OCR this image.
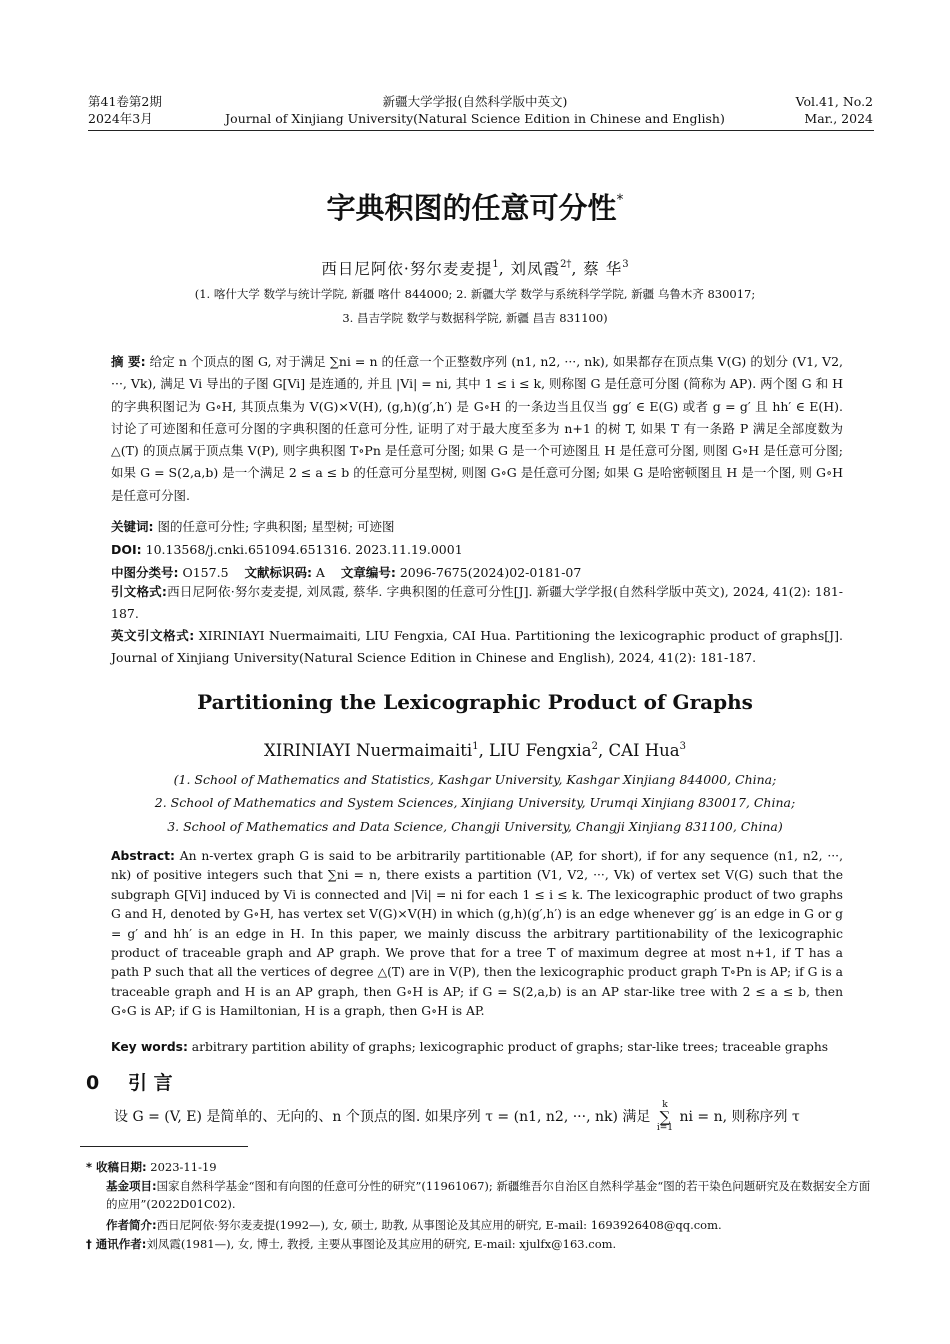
第41卷第2期
2024年3月
新疆大学学报(自然科学版中英文)
Journal of Xinjiang University(Natural Science Edition in Chinese and English)
Vol.41, No.2
Mar., 2024
字典积图的任意可分性*
西日尼阿依·努尔麦麦提$^1$, 刘凤霞$^{2\dagger}$, 蔡 华$^3$
(1. 喀什大学 数学与统计学院, 新疆 喀什 844000; 2. 新疆大学 数学与系统科学学院, 新疆 乌鲁木齐 830017;
3. 昌吉学院 数学与数据科学院, 新疆 昌吉 831100)
摘 要: 给定 n 个顶点的图 G, 对于满足 ∑ni = n 的任意一个正整数序列 (n1, n2, ···, nk), 如果都存在顶点集 V(G) 的划分 (V1, V2, ···, Vk), 满足 Vi 导出的子图 G[Vi] 是连通的, 并且 |Vi| = ni, 其中 1 ≤ i ≤ k, 则称图 G 是任意可分图 (简称为 AP). 两个图 G 和 H 的字典积图记为 G∘H, 其顶点集为 V(G)×V(H), (g,h)(g′,h′) 是 G∘H 的一条边当且仅当 gg′ ∈ E(G) 或者 g = g′ 且 hh′ ∈ E(H). 讨论了可迹图和任意可分图的字典积图的任意可分性, 证明了对于最大度至多为 n+1 的树 T, 如果 T 有一条路 P 满足全部度数为 △(T) 的顶点属于顶点集 V(P), 则字典积图 T∘Pn 是任意可分图; 如果 G 是一个可迹图且 H 是任意可分图, 则图 G∘H 是任意可分图; 如果 G = S(2,a,b) 是一个满足 2 ≤ a ≤ b 的任意可分星型树, 则图 G∘G 是任意可分图; 如果 G 是哈密顿图且 H 是一个图, 则 G∘H 是任意可分图.
关键词: 图的任意可分性; 字典积图; 星型树; 可迹图
DOI: 10.13568/j.cnki.651094.651316. 2023.11.19.0001
中图分类号: O157.5 文献标识码: A 文章编号: 2096-7675(2024)02-0181-07
引文格式:西日尼阿依·努尔麦麦提, 刘凤霞, 蔡华. 字典积图的任意可分性[J]. 新疆大学学报(自然科学版中英文), 2024, 41(2): 181-187.
英文引文格式: XIRINIAYI Nuermaimaiti, LIU Fengxia, CAI Hua. Partitioning the lexicographic product of graphs[J]. Journal of Xinjiang University(Natural Science Edition in Chinese and English), 2024, 41(2): 181-187.
Partitioning the Lexicographic Product of Graphs
XIRINIAYI Nuermaimaiti$^1$, LIU Fengxia$^2$, CAI Hua$^3$
(1. School of Mathematics and Statistics, Kashgar University, Kashgar Xinjiang 844000, China;
2. School of Mathematics and System Sciences, Xinjiang University, Urumqi Xinjiang 830017, China;
3. School of Mathematics and Data Science, Changji University, Changji Xinjiang 831100, China)
Abstract: An n-vertex graph G is said to be arbitrarily partitionable (AP, for short), if for any sequence (n1, n2, ···, nk) of positive integers such that ∑ni = n, there exists a partition (V1, V2, ···, Vk) of vertex set V(G) such that the subgraph G[Vi] induced by Vi is connected and |Vi| = ni for each 1 ≤ i ≤ k. The lexicographic product of two graphs G and H, denoted by G∘H, has vertex set V(G)×V(H) in which (g,h)(g′,h′) is an edge whenever gg′ is an edge in G or g = g′ and hh′ is an edge in H. In this paper, we mainly discuss the arbitrary partitionability of the lexicographic product of traceable graph and AP graph. We prove that for a tree T of maximum degree at most n+1, if T has a path P such that all the vertices of degree △(T) are in V(P), then the lexicographic product graph T∘Pn is AP; if G is a traceable graph and H is an AP graph, then G∘H is AP; if G = S(2,a,b) is an AP star-like tree with 2 ≤ a ≤ b, then G∘G is AP; if G is Hamiltonian, H is a graph, then G∘H is AP.
Key words: arbitrary partition ability of graphs; lexicographic product of graphs; star-like trees; traceable graphs
0 引 言
设 G = (V, E) 是简单的、无向的、n 个顶点的图. 如果序列 τ = (n1, n2, ···, nk) 满足 k
∑
i=1 ni = n, 则称序列 τ
* 收稿日期: 2023-11-19
基金项目:国家自然科学基金“图和有向图的任意可分性的研究”(11961067); 新疆维吾尔自治区自然科学基金“图的若干染色问题研究及在数据安全方面的应用”(2022D01C02).
作者简介:西日尼阿依·努尔麦麦提(1992—), 女, 硕士, 助教, 从事图论及其应用的研究, E-mail: 1693926408@qq.com.
† 通讯作者:刘凤霞(1981—), 女, 博士, 教授, 主要从事图论及其应用的研究, E-mail: xjulfx@163.com.
